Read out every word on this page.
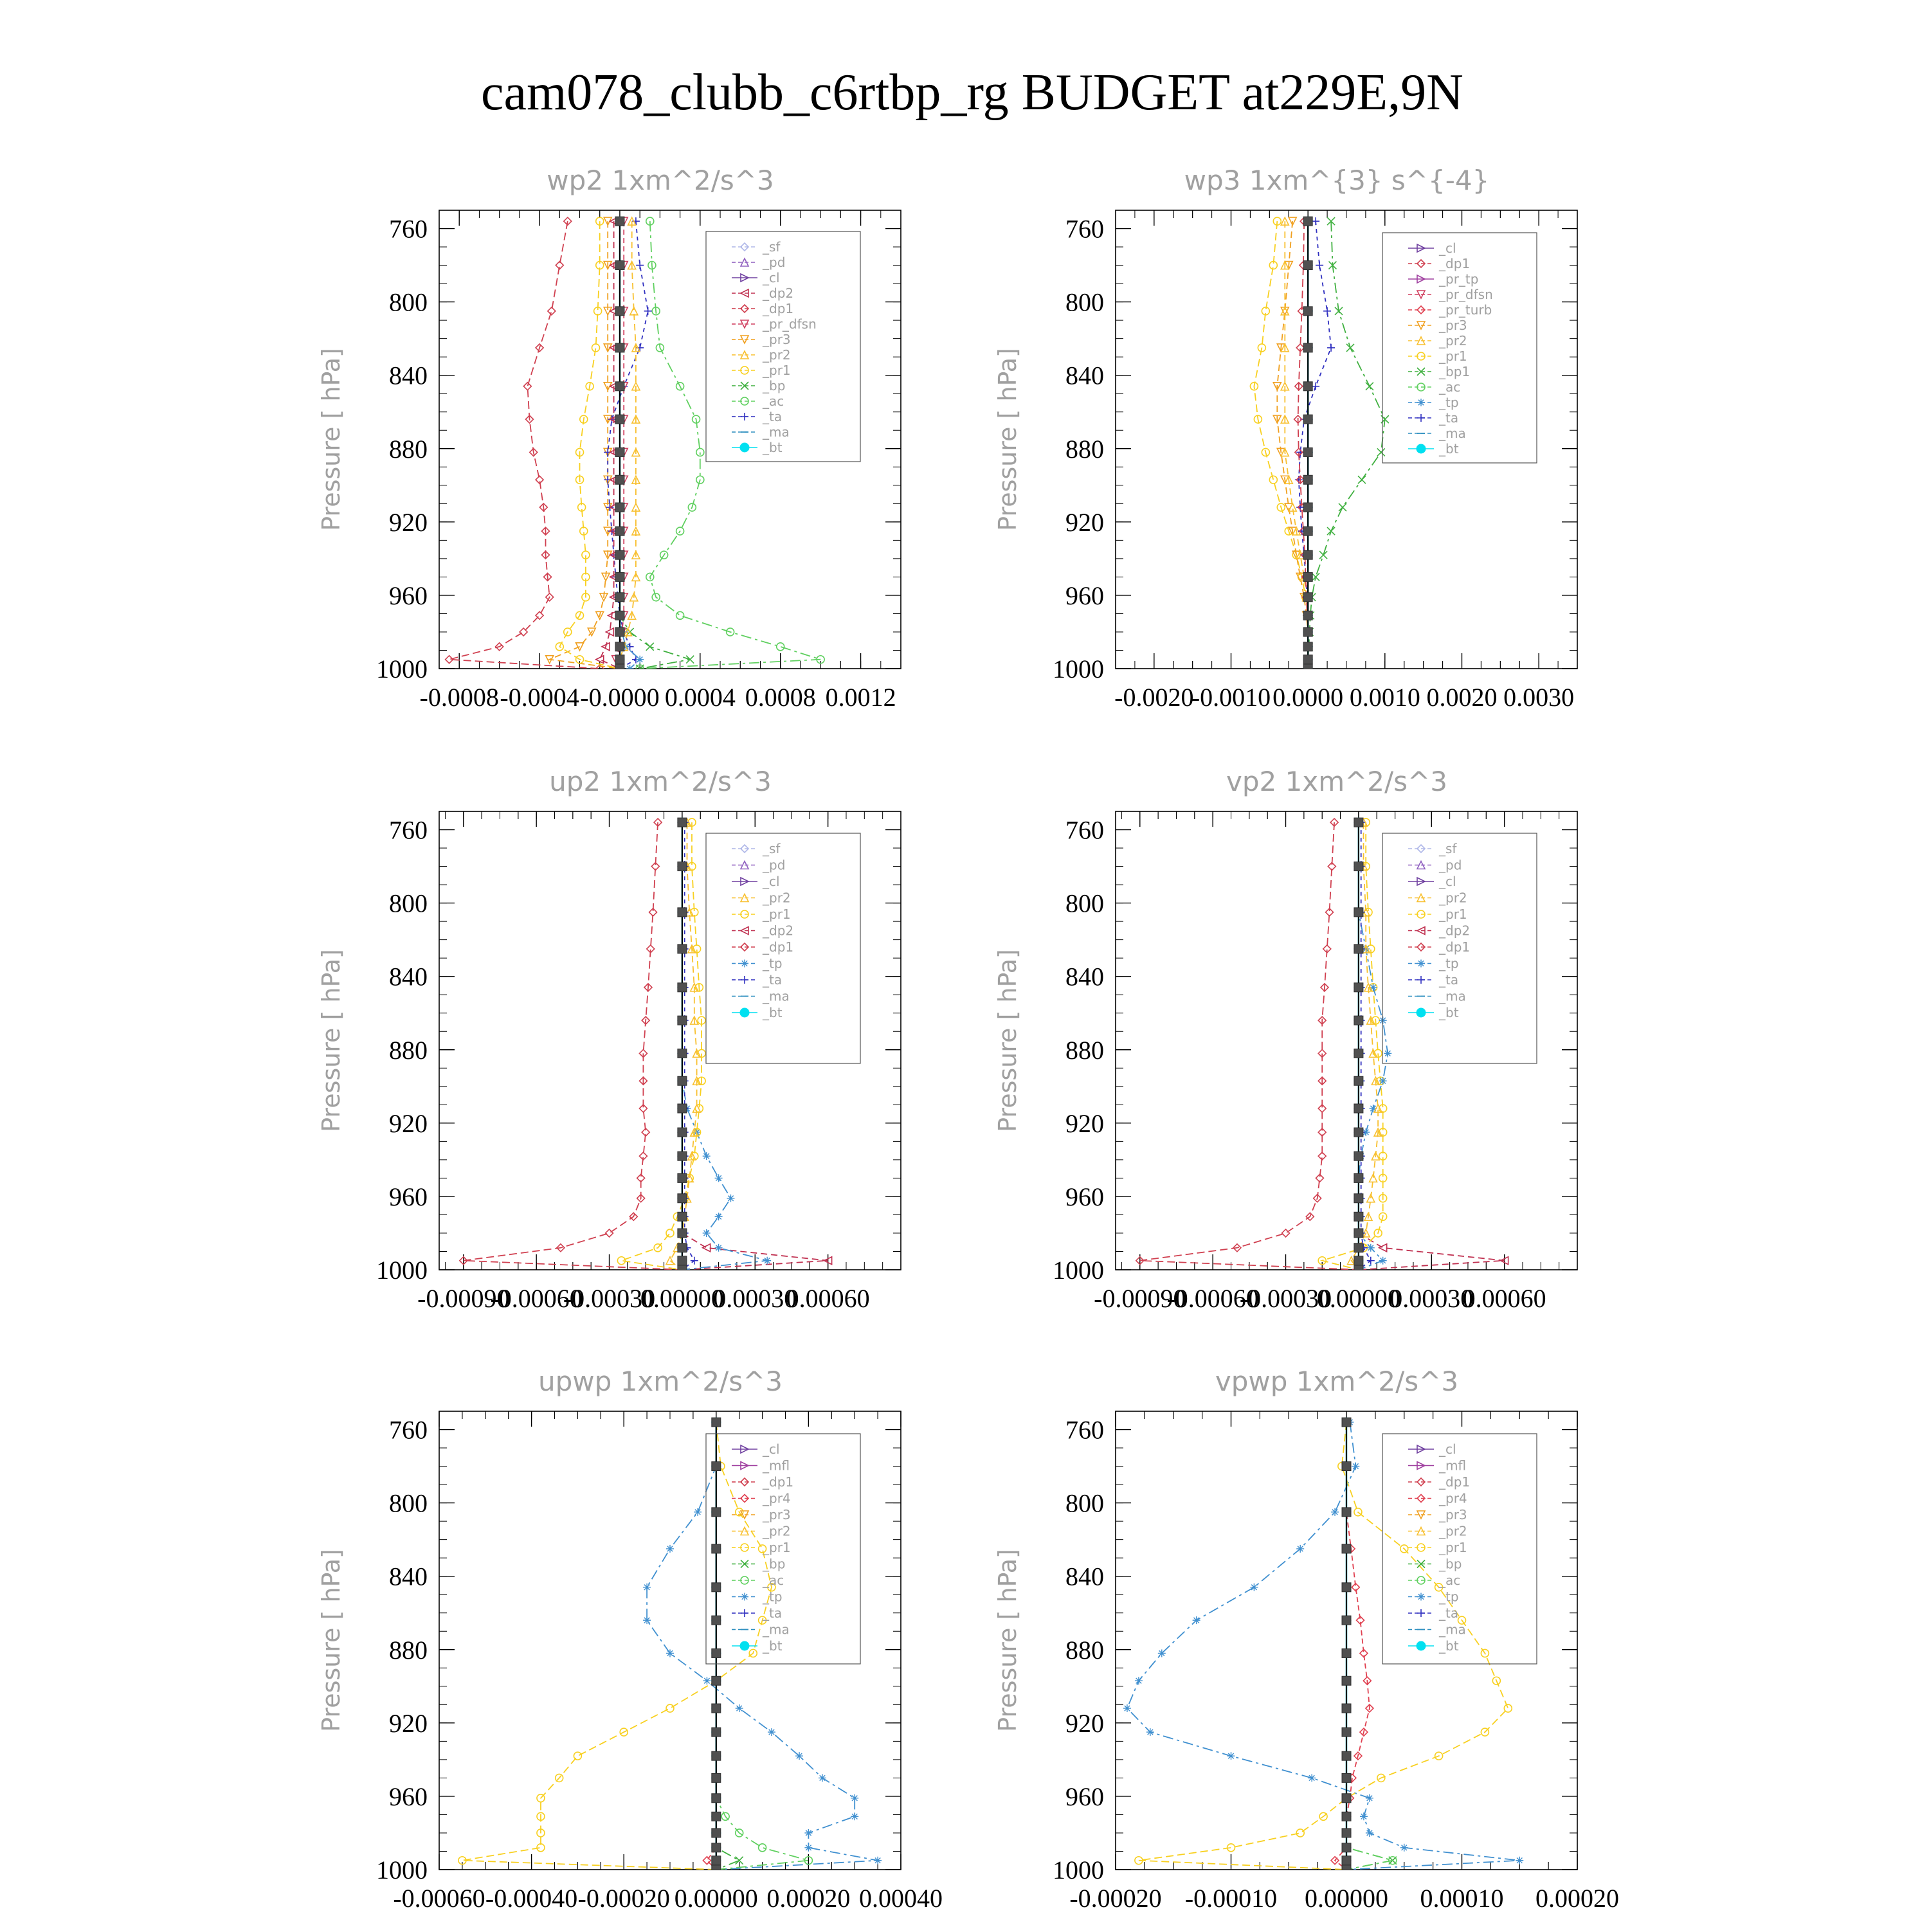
cam078_clubb_c6rtbp_rg BUDGET at229E,9N
wp2 1xm^2/s^3
Pressure [ hPa]
760
800
840
880
920
960
1000
-0.0008 -0.0004 -0.0000 0.0004 0.0008 0.0012
_sf
_pd
_cl
_dp2
_dp1
_pr_dfsn
_pr3
_pr2
_pr1
_bp
_ac
_ta
_ma
_bt
wp3 1xm^{3} s^{-4}
Pressure [ hPa]
760
800
840
880
920
960
1000
-0.0020
-0.0010 0.0000 0.0010 0.0020 0.0030
_cl
_dp1
_pr_tp
_pr_dfsn
_pr_turb
_pr3
_pr2
_pr1
_bp1
_ac
_tp
_ta
_ma
_bt
up2 1xm^2/s^3
Pressure [ hPa]
760
800
840
880
920
960
1000
-0.00090
-0.00060
-0.00030
0.00000
0.00030
0.00060
_sf
_pd
_cl
_pr2
_pr1
_dp2
_dp1
_tp
_ta
_ma
_bt
vp2 1xm^2/s^3
Pressure [ hPa]
760
800
840
880
920
960
1000
-0.00090
-0.00060
-0.00030
0.00000
0.00030
0.00060
_sf
_pd
_cl
_pr2
_pr1
_dp2
_dp1
_tp
_ta
_ma
_bt
upwp 1xm^2/s^3
Pressure [ hPa]
760
800
840
880
920
960
1000
-0.00060 -0.00040 -0.00020 0.00000 0.00020 0.00040
_cl
_mfl
_dp1
_pr4
_pr3
_pr2
_pr1
_bp
_ac
_tp
_ta
_ma
_bt
vpwp 1xm^2/s^3
Pressure [ hPa]
760
800
840
880
920
960
1000
-0.00020 -0.00010 0.00000 0.00010 0.00020
_cl
_mfl
_dp1
_pr4
_pr3
_pr2
_pr1
_bp
_ac
_tp
_ta
_ma
_bt
